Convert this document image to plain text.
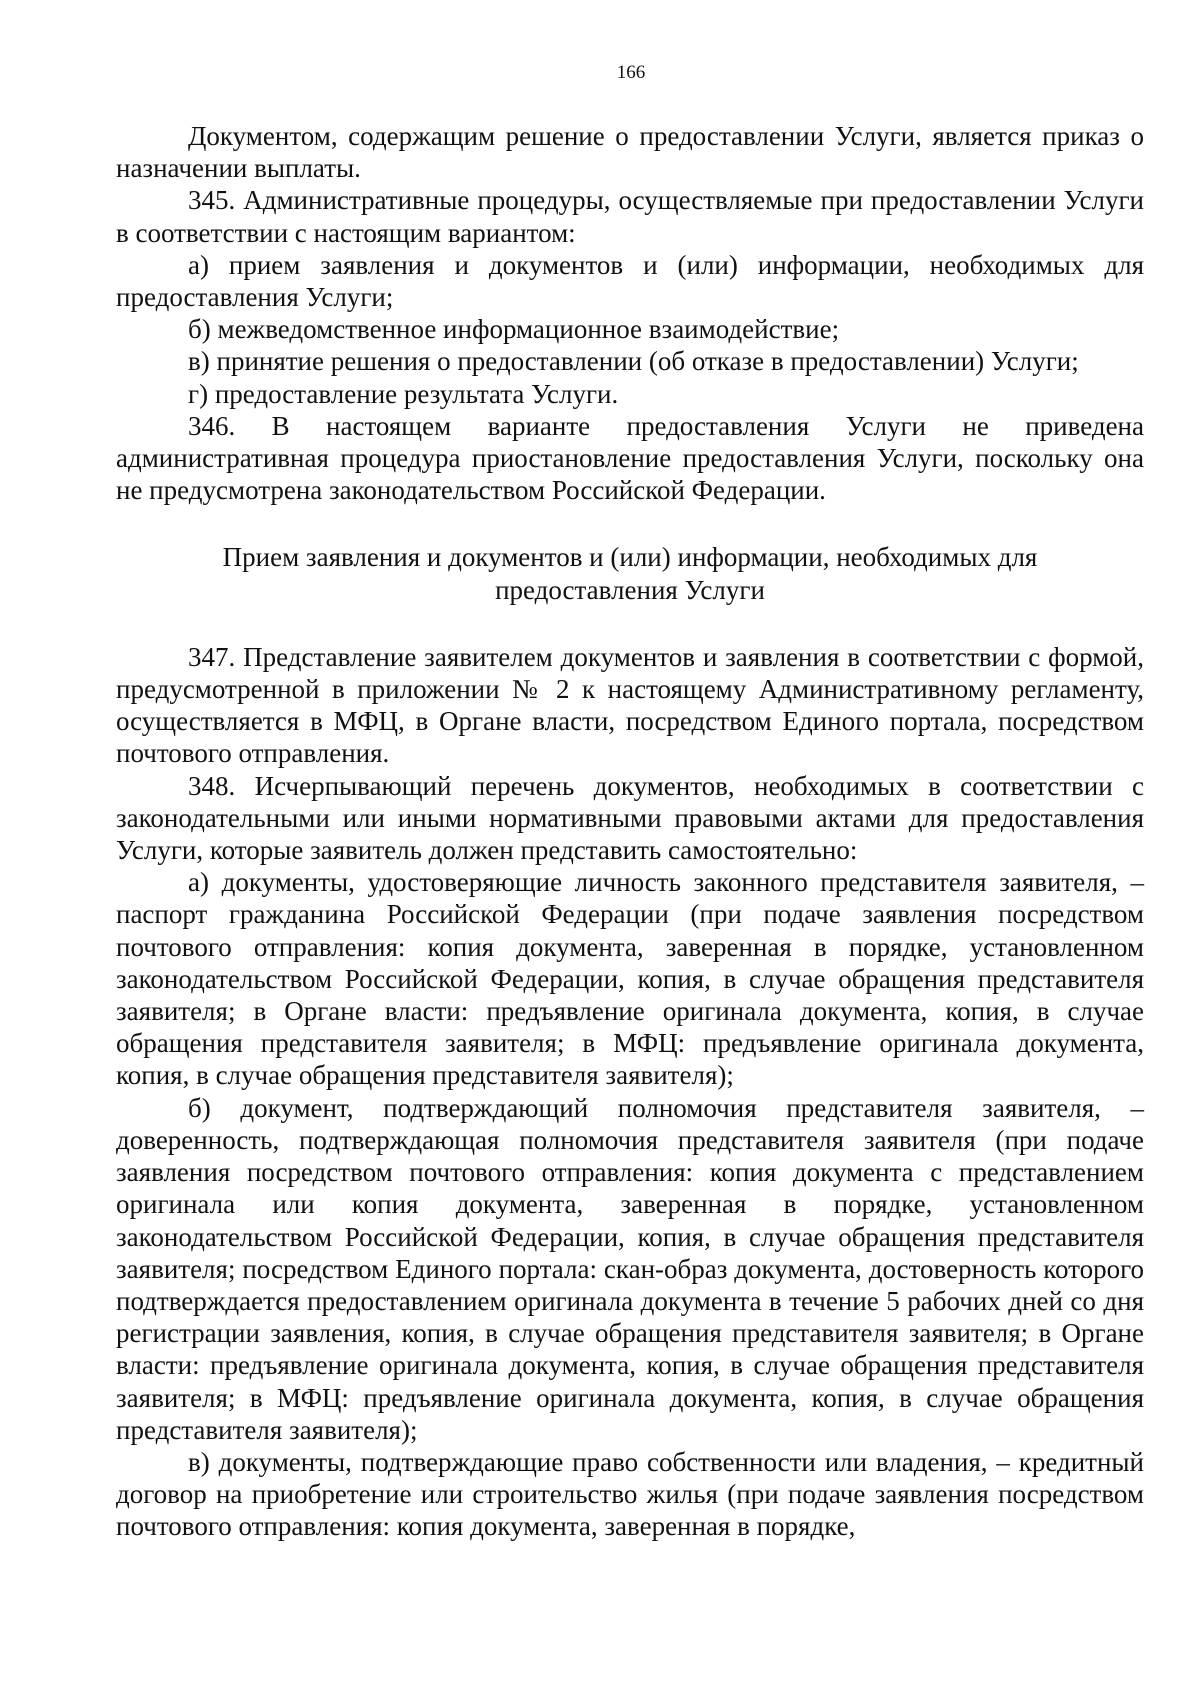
166

Документом, содержащим решение о предоставлении Услуги, является приказ о назначении выплаты.

345. Административные процедуры, осуществляемые при предоставлении Услуги в соответствии с настоящим вариантом:

а) прием заявления и документов и (или) информации, необходимых для предоставления Услуги;

б) межведомственное информационное взаимодействие;

в) принятие решения о предоставлении (об отказе в предоставлении) Услуги;

г) предоставление результата Услуги.

346. В настоящем варианте предоставления Услуги не приведена административная процедура приостановление предоставления Услуги, поскольку она не предусмотрена законодательством Российской Федерации.

Прием заявления и документов и (или) информации, необходимых для предоставления Услуги

347. Представление заявителем документов и заявления в соответствии с формой, предусмотренной в приложении № 2 к настоящему Административному регламенту, осуществляется в МФЦ, в Органе власти, посредством Единого портала, посредством почтового отправления.

348. Исчерпывающий перечень документов, необходимых в соответствии с законодательными или иными нормативными правовыми актами для предоставления Услуги, которые заявитель должен представить самостоятельно:

а) документы, удостоверяющие личность законного представителя заявителя, – паспорт гражданина Российской Федерации (при подаче заявления посредством почтового отправления: копия документа, заверенная в порядке, установленном законодательством Российской Федерации, копия, в случае обращения представителя заявителя; в Органе власти: предъявление оригинала документа, копия, в случае обращения представителя заявителя; в МФЦ: предъявление оригинала документа, копия, в случае обращения представителя заявителя);

б) документ, подтверждающий полномочия представителя заявителя, – доверенность, подтверждающая полномочия представителя заявителя (при подаче заявления посредством почтового отправления: копия документа с представлением оригинала или копия документа, заверенная в порядке, установленном законодательством Российской Федерации, копия, в случае обращения представителя заявителя; посредством Единого портала: скан-образ документа, достоверность которого подтверждается предоставлением оригинала документа в течение 5 рабочих дней со дня регистрации заявления, копия, в случае обращения представителя заявителя; в Органе власти: предъявление оригинала документа, копия, в случае обращения представителя заявителя; в МФЦ: предъявление оригинала документа, копия, в случае обращения представителя заявителя);

в) документы, подтверждающие право собственности или владения, – кредитный договор на приобретение или строительство жилья (при подаче заявления посредством почтового отправления: копия документа, заверенная в порядке,
